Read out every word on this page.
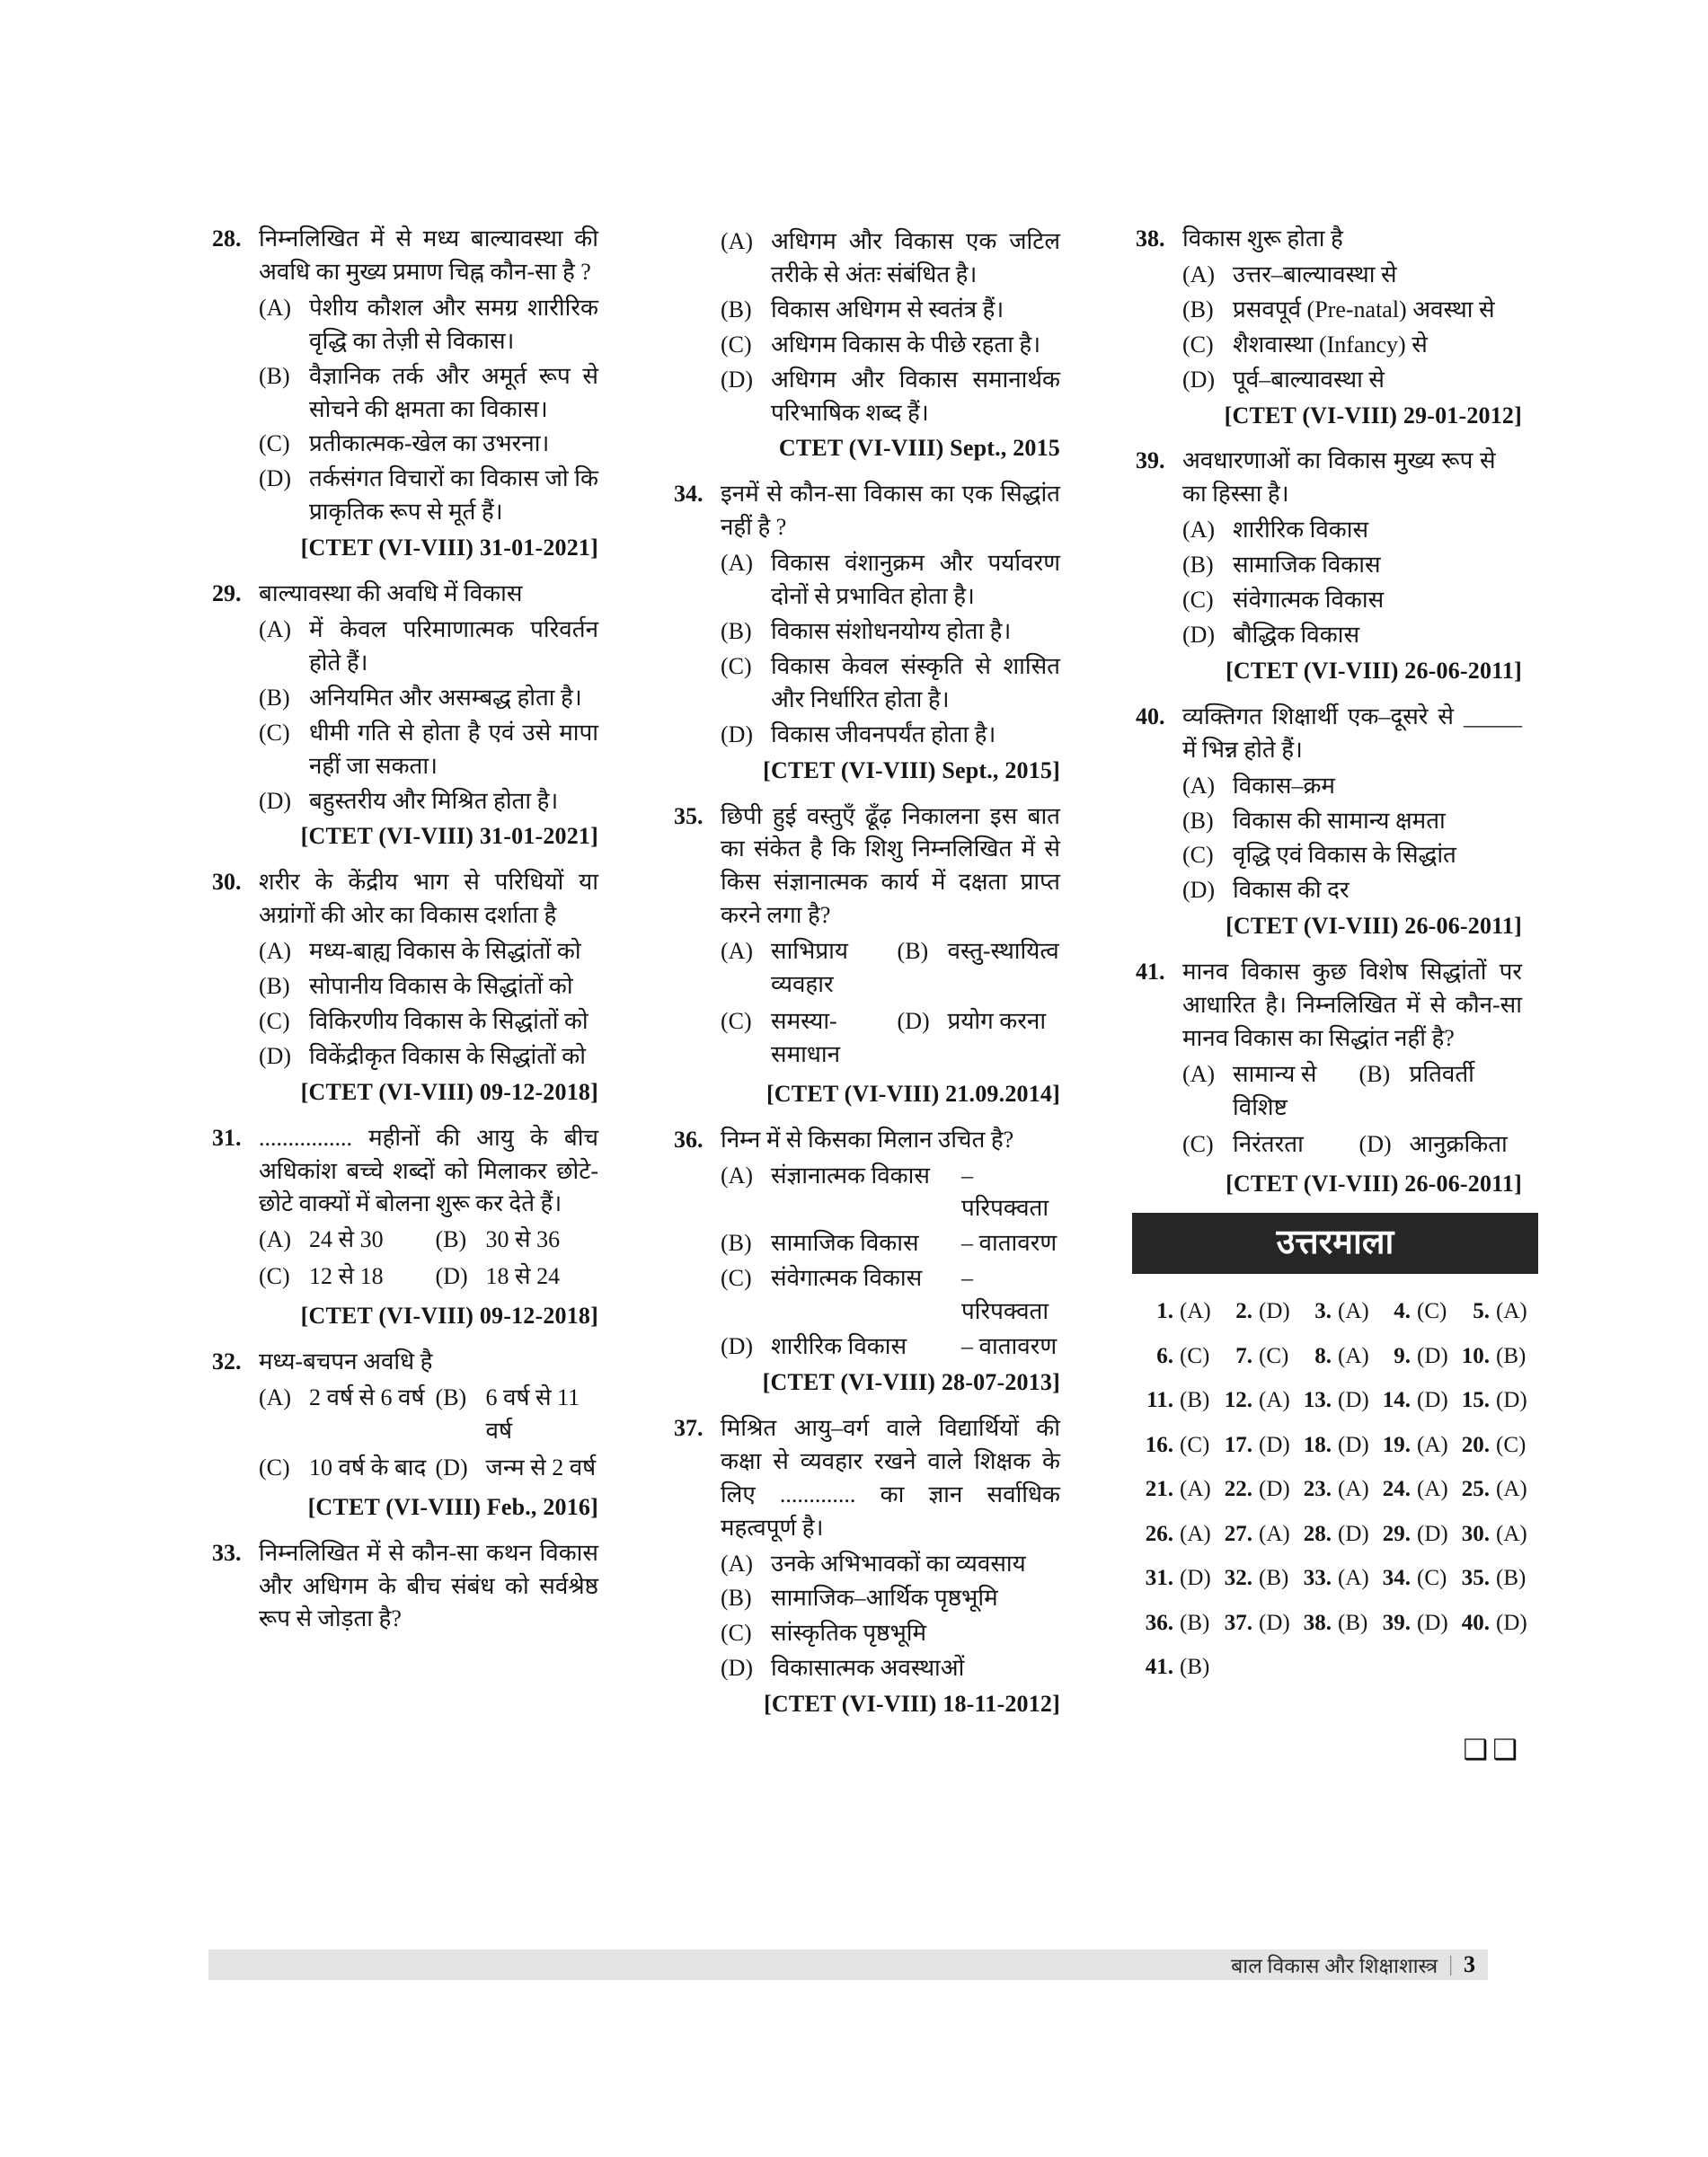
28. निम्नलिखित में से मध्य बाल्यावस्था की अवधि का मुख्य प्रमाण चिह्न कौन-सा है ?
(A) पेशीय कौशल और समग्र शारीरिक वृद्धि का तेज़ी से विकास।
(B) वैज्ञानिक तर्क और अमूर्त रूप से सोचने की क्षमता का विकास।
(C) प्रतीकात्मक-खेल का उभरना।
(D) तर्कसंगत विचारों का विकास जो कि प्राकृतिक रूप से मूर्त हैं।
[CTET (VI-VIII) 31-01-2021]
29. बाल्यावस्था की अवधि में विकास
(A) में केवल परिमाणात्मक परिवर्तन होते हैं।
(B) अनियमित और असम्बद्ध होता है।
(C) धीमी गति से होता है एवं उसे मापा नहीं जा सकता।
(D) बहुस्तरीय और मिश्रित होता है।
[CTET (VI-VIII) 31-01-2021]
30. शरीर के केंद्रीय भाग से परिधियों या अग्रांगों की ओर का विकास दर्शाता है
(A) मध्य-बाह्य विकास के सिद्धांतों को
(B) सोपानीय विकास के सिद्धांतों को
(C) विकिरणीय विकास के सिद्धांतों को
(D) विकेंद्रीकृत विकास के सिद्धांतों को
[CTET (VI-VIII) 09-12-2018]
31. ................ महीनों की आयु के बीच अधिकांश बच्चे शब्दों को मिलाकर छोटे-छोटे वाक्यों में बोलना शुरू कर देते हैं।
(A) 24 से 30	(B) 30 से 36
(C) 12 से 18	(D) 18 से 24
[CTET (VI-VIII) 09-12-2018]
32. मध्य-बचपन अवधि है
(A) 2 वर्ष से 6 वर्ष (B) 6 वर्ष से 11 वर्ष
(C) 10 वर्ष के बाद (D) जन्म से 2 वर्ष
[CTET (VI-VIII) Feb., 2016]
33. निम्नलिखित में से कौन-सा कथन विकास और अधिगम के बीच संबंध को सर्वश्रेष्ठ रूप से जोड़ता है?
(A) अधिगम और विकास एक जटिल तरीके से अंतः संबंधित है।
(B) विकास अधिगम से स्वतंत्र हैं।
(C) अधिगम विकास के पीछे रहता है।
(D) अधिगम और विकास समानार्थक परिभाषिक शब्द हैं।
CTET (VI-VIII) Sept., 2015
34. इनमें से कौन-सा विकास का एक सिद्धांत नहीं है ?
(A) विकास वंशानुक्रम और पर्यावरण दोनों से प्रभावित होता है।
(B) विकास संशोधनयोग्य होता है।
(C) विकास केवल संस्कृति से शासित और निर्धारित होता है।
(D) विकास जीवनपर्यंत होता है।
[CTET (VI-VIII) Sept., 2015]
35. छिपी हुई वस्तुएँ ढूँढ़ निकालना इस बात का संकेत है कि शिशु निम्नलिखित में से किस संज्ञानात्मक कार्य में दक्षता प्राप्त करने लगा है?
(A) साभिप्राय व्यवहार
(B) वस्तु-स्थायित्व
(C) समस्या-समाधान
(D) प्रयोग करना
[CTET (VI-VIII) 21.09.2014]
36. निम्न में से किसका मिलान उचित है?
(A) संज्ञानात्मक विकास	– परिपक्वता
(B) सामाजिक विकास	– वातावरण
(C) संवेगात्मक विकास	– परिपक्वता
(D) शारीरिक विकास	– वातावरण
[CTET (VI-VIII) 28-07-2013]
37. मिश्रित आयु–वर्ग वाले विद्यार्थियों की कक्षा से व्यवहार रखने वाले शिक्षक के लिए ............. का ज्ञान सर्वाधिक महत्वपूर्ण है।
(A) उनके अभिभावकों का व्यवसाय
(B) सामाजिक–आर्थिक पृष्ठभूमि
(C) सांस्कृतिक पृष्ठभूमि
(D) विकासात्मक अवस्थाओं
[CTET (VI-VIII) 18-11-2012]
38. विकास शुरू होता है
(A) उत्तर–बाल्यावस्था से
(B) प्रसवपूर्व (Pre-natal) अवस्था से
(C) शैशवास्था (Infancy) से
(D) पूर्व–बाल्यावस्था से
[CTET (VI-VIII) 29-01-2012]
39. अवधारणाओं का विकास मुख्य रूप से     का हिस्सा है।
(A) शारीरिक विकास
(B) सामाजिक विकास
(C) संवेगात्मक विकास
(D) बौद्धिक विकास
[CTET (VI-VIII) 26-06-2011]
40. व्यक्तिगत शिक्षार्थी एक–दूसरे से _____ में भिन्न होते हैं।
(A) विकास–क्रम
(B) विकास की सामान्य क्षमता
(C) वृद्धि एवं विकास के सिद्धांत
(D) विकास की दर
[CTET (VI-VIII) 26-06-2011]
41. मानव विकास कुछ विशेष सिद्धांतों पर आधारित है। निम्नलिखित में से कौन-सा मानव विकास का सिद्धांत नहीं है?
(A) सामान्य से विशिष्ट
(B) प्रतिवर्ती
(C) निरंतरता	(D) आनुक्रकिता
[CTET (VI-VIII) 26-06-2011]
उत्तरमाला
1. (A)	2. (D)	3. (A)	4. (C)	5. (A)
6. (C)	7. (C)	8. (A)	9. (D) 10. (B)
11. (B) 12. (A) 13. (D) 14. (D) 15. (D)
16. (C) 17. (D) 18. (D) 19. (A) 20. (C)
21. (A) 22. (D) 23. (A) 24. (A) 25. (A)
26. (A) 27. (A) 28. (D) 29. (D) 30. (A)
31. (D) 32. (B) 33. (A) 34. (C) 35. (B)
36. (B) 37. (D) 38. (B) 39. (D) 40. (D)
41. (B)
❑❑
बाल विकास और शिक्षाशास्त्र | 3
